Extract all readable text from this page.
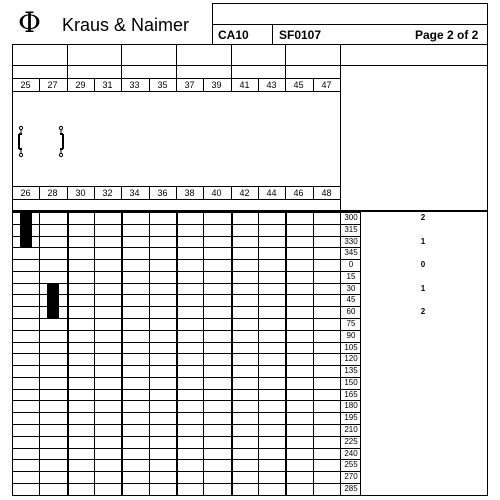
Φ Kraus & Naimer CA10	SF0107	Page 2 of 2
25	27	29	31	33	35	37	39	41	43	45	47
26	28	30	32	34	36	38	40	42	44	46	48
300	2
315
330	1
345
0	0
15
30	1
45
60	2
75
90
105
120
135
150
165
180
195
210
225
240
255
270
285
